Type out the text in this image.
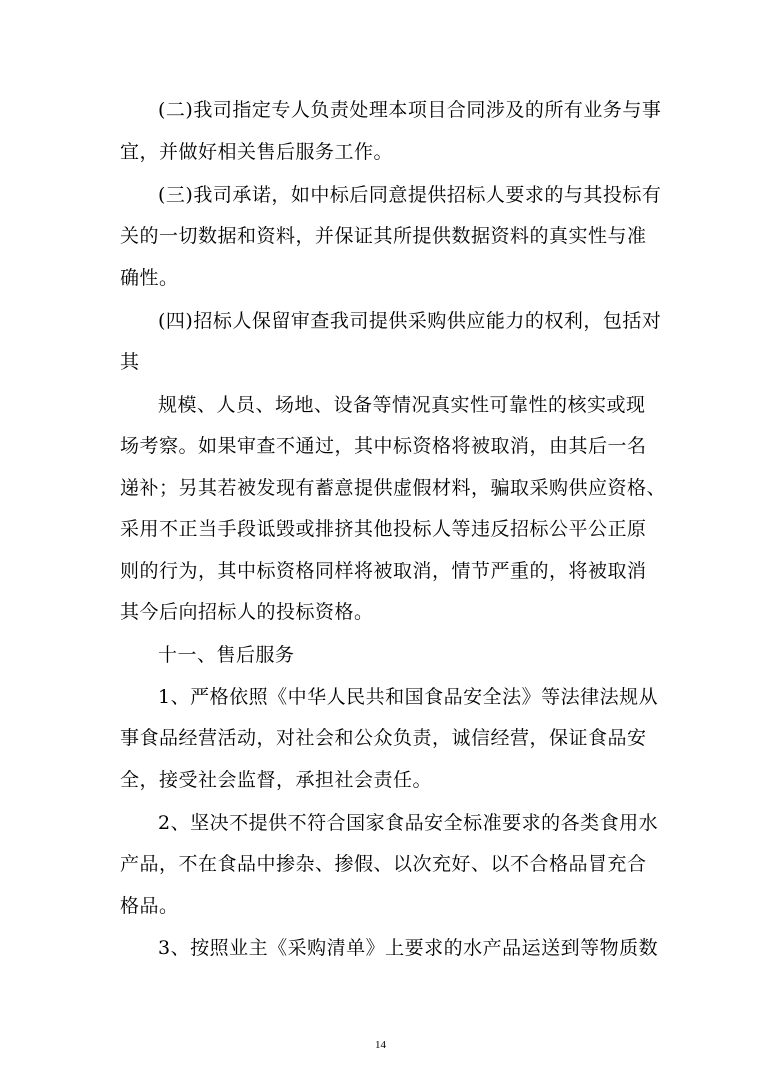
(二)我司指定专人负责处理本项目合同涉及的所有业务与事
宜，并做好相关售后服务工作。
(三)我司承诺，如中标后同意提供招标人要求的与其投标有
关的一切数据和资料，并保证其所提供数据资料的真实性与准
确性。
(四)招标人保留审查我司提供采购供应能力的权利，包括对
其
规模、人员、场地、设备等情况真实性可靠性的核实或现
场考察。如果审查不通过，其中标资格将被取消，由其后一名
递补；另其若被发现有蓄意提供虚假材料，骗取采购供应资格、
采用不正当手段诋毁或排挤其他投标人等违反招标公平公正原
则的行为，其中标资格同样将被取消，情节严重的，将被取消
其今后向招标人的投标资格。
十一、售后服务
1、严格依照《中华人民共和国食品安全法》等法律法规从
事食品经营活动，对社会和公众负责，诚信经营，保证食品安
全，接受社会监督，承担社会责任。
2、坚决不提供不符合国家食品安全标准要求的各类食用水
产品，不在食品中掺杂、掺假、以次充好、以不合格品冒充合
格品。
3、按照业主《采购清单》上要求的水产品运送到等物质数
14
